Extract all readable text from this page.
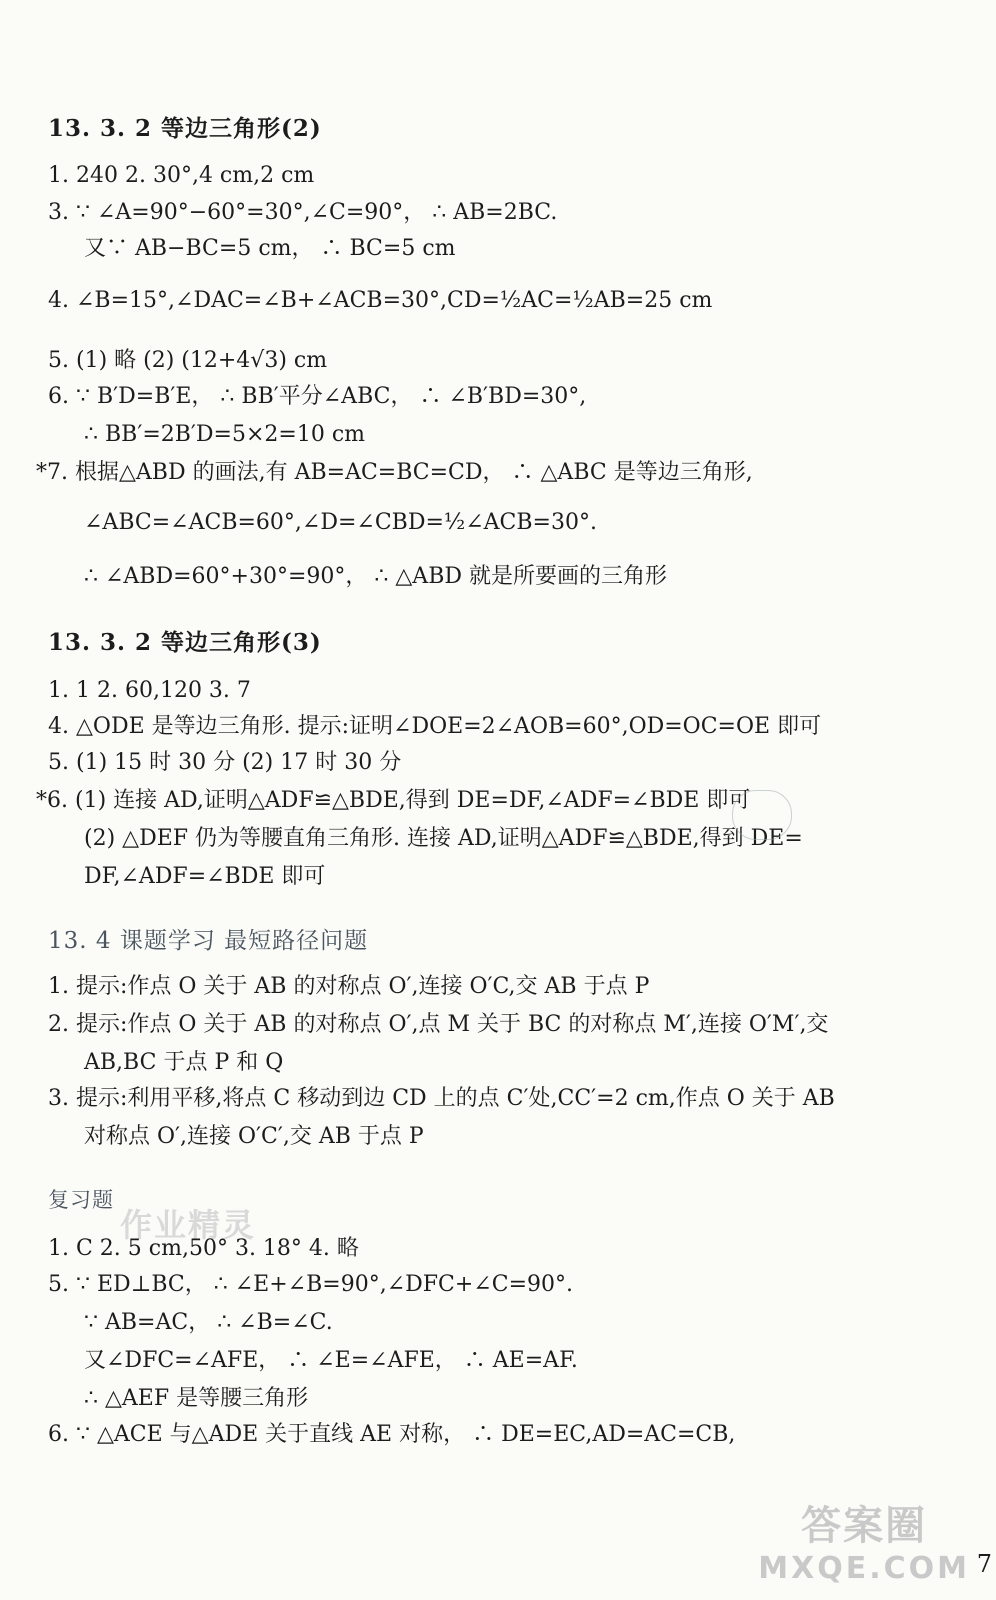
13. 3. 2 等边三角形(2)
1. 240 2. 30°,4 cm,2 cm
3. ∵ ∠A=90°−60°=30°,∠C=90°， ∴ AB=2BC.
又∵ AB−BC=5 cm， ∴ BC=5 cm
4. ∠B=15°,∠DAC=∠B+∠ACB=30°,CD=½AC=½AB=25 cm
5. (1) 略 (2) (12+4√3) cm
6. ∵ B′D=B′E， ∴ BB′平分∠ABC， ∴ ∠B′BD=30°,
∴ BB′=2B′D=5×2=10 cm
*7. 根据△ABD 的画法,有 AB=AC=BC=CD， ∴ △ABC 是等边三角形,
∠ABC=∠ACB=60°,∠D=∠CBD=½∠ACB=30°.
∴ ∠ABD=60°+30°=90°， ∴ △ABD 就是所要画的三角形
13. 3. 2 等边三角形(3)
1. 1 2. 60,120 3. 7
4. △ODE 是等边三角形. 提示:证明∠DOE=2∠AOB=60°,OD=OC=OE 即可
5. (1) 15 时 30 分 (2) 17 时 30 分
*6. (1) 连接 AD,证明△ADF≌△BDE,得到 DE=DF,∠ADF=∠BDE 即可
(2) △DEF 仍为等腰直角三角形. 连接 AD,证明△ADF≌△BDE,得到 DE=
DF,∠ADF=∠BDE 即可
13. 4 课题学习 最短路径问题
1. 提示:作点 O 关于 AB 的对称点 O′,连接 O′C,交 AB 于点 P
2. 提示:作点 O 关于 AB 的对称点 O′,点 M 关于 BC 的对称点 M′,连接 O′M′,交
AB,BC 于点 P 和 Q
3. 提示:利用平移,将点 C 移动到边 CD 上的点 C′处,CC′=2 cm,作点 O 关于 AB
对称点 O′,连接 O′C′,交 AB 于点 P
复习题
作业精灵
1. C 2. 5 cm,50° 3. 18° 4. 略
5. ∵ ED⊥BC， ∴ ∠E+∠B=90°,∠DFC+∠C=90°.
∵ AB=AC， ∴ ∠B=∠C.
又∠DFC=∠AFE， ∴ ∠E=∠AFE， ∴ AE=AF.
∴ △AEF 是等腰三角形
6. ∵ △ACE 与△ADE 关于直线 AE 对称， ∴ DE=EC,AD=AC=CB,
答案圈
MXQE.COM 7
